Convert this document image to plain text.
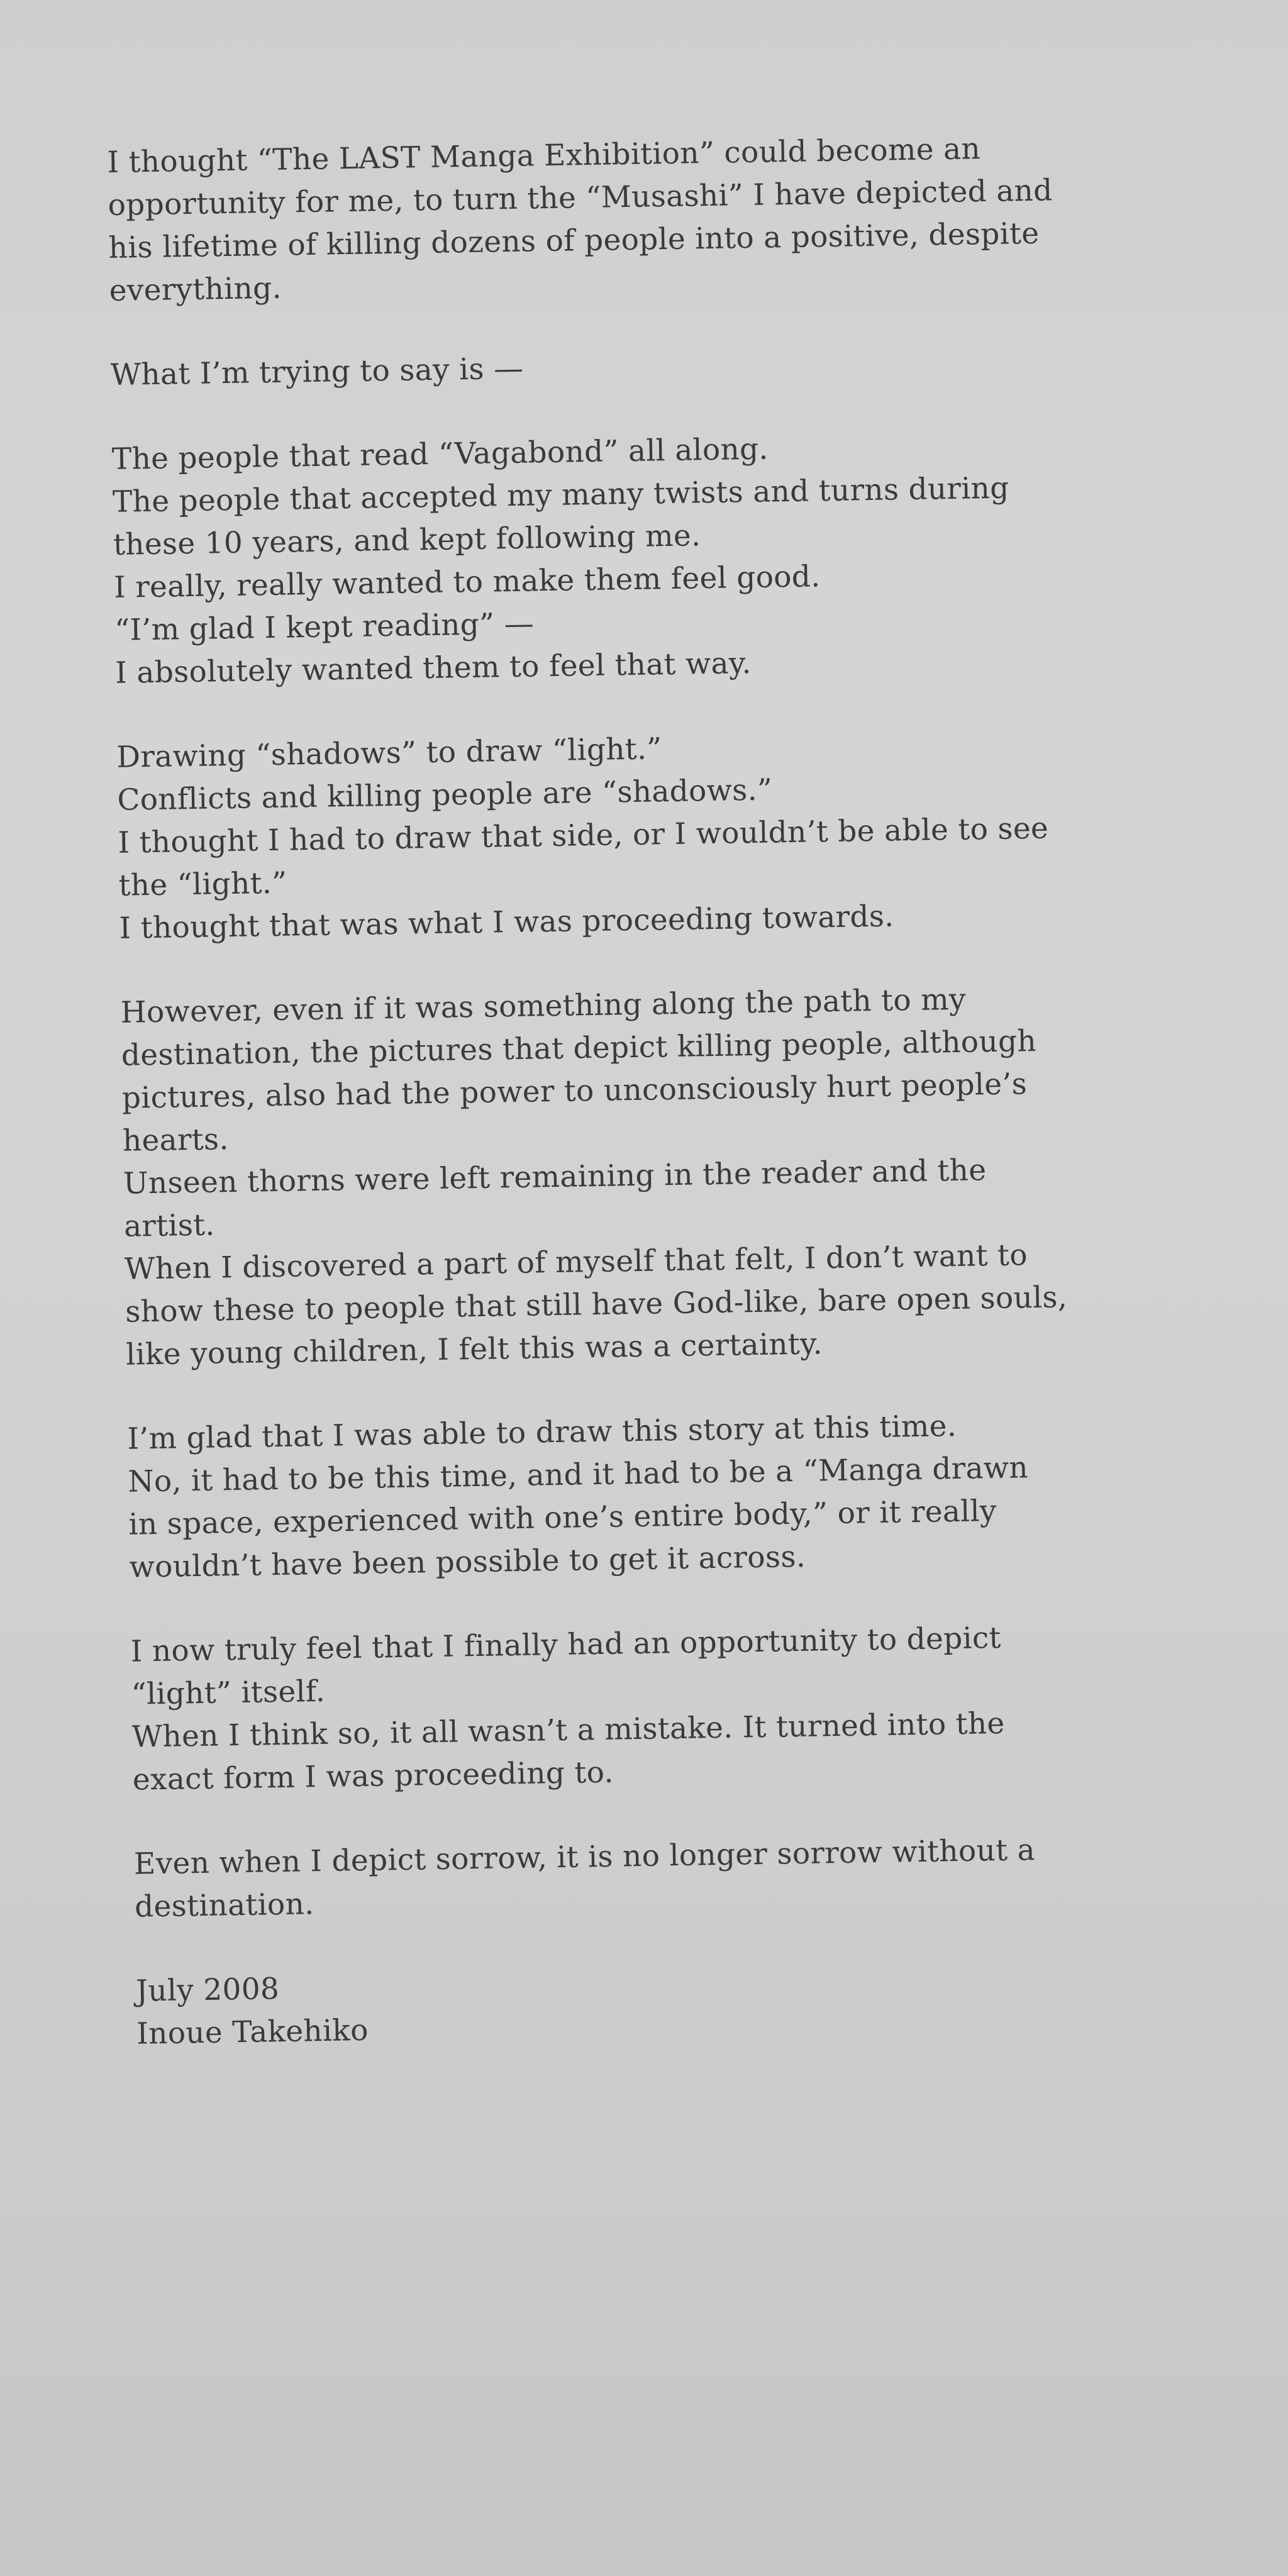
I thought “The LAST Manga Exhibition” could become an
opportunity for me, to turn the “Musashi” I have depicted and
his lifetime of killing dozens of people into a positive, despite
everything.
What I’m trying to say is —
The people that read “Vagabond” all along.
The people that accepted my many twists and turns during
these 10 years, and kept following me.
I really, really wanted to make them feel good.
“I’m glad I kept reading” —
I absolutely wanted them to feel that way.
Drawing “shadows” to draw “light.”
Conflicts and killing people are “shadows.”
I thought I had to draw that side, or I wouldn’t be able to see
the “light.”
I thought that was what I was proceeding towards.
However, even if it was something along the path to my
destination, the pictures that depict killing people, although
pictures, also had the power to unconsciously hurt people’s
hearts.
Unseen thorns were left remaining in the reader and the
artist.
When I discovered a part of myself that felt, I don’t want to
show these to people that still have God-like, bare open souls,
like young children, I felt this was a certainty.
I’m glad that I was able to draw this story at this time.
No, it had to be this time, and it had to be a “Manga drawn
in space, experienced with one’s entire body,” or it really
wouldn’t have been possible to get it across.
I now truly feel that I finally had an opportunity to depict
“light” itself.
When I think so, it all wasn’t a mistake. It turned into the
exact form I was proceeding to.
Even when I depict sorrow, it is no longer sorrow without a
destination.
July 2008
Inoue Takehiko
